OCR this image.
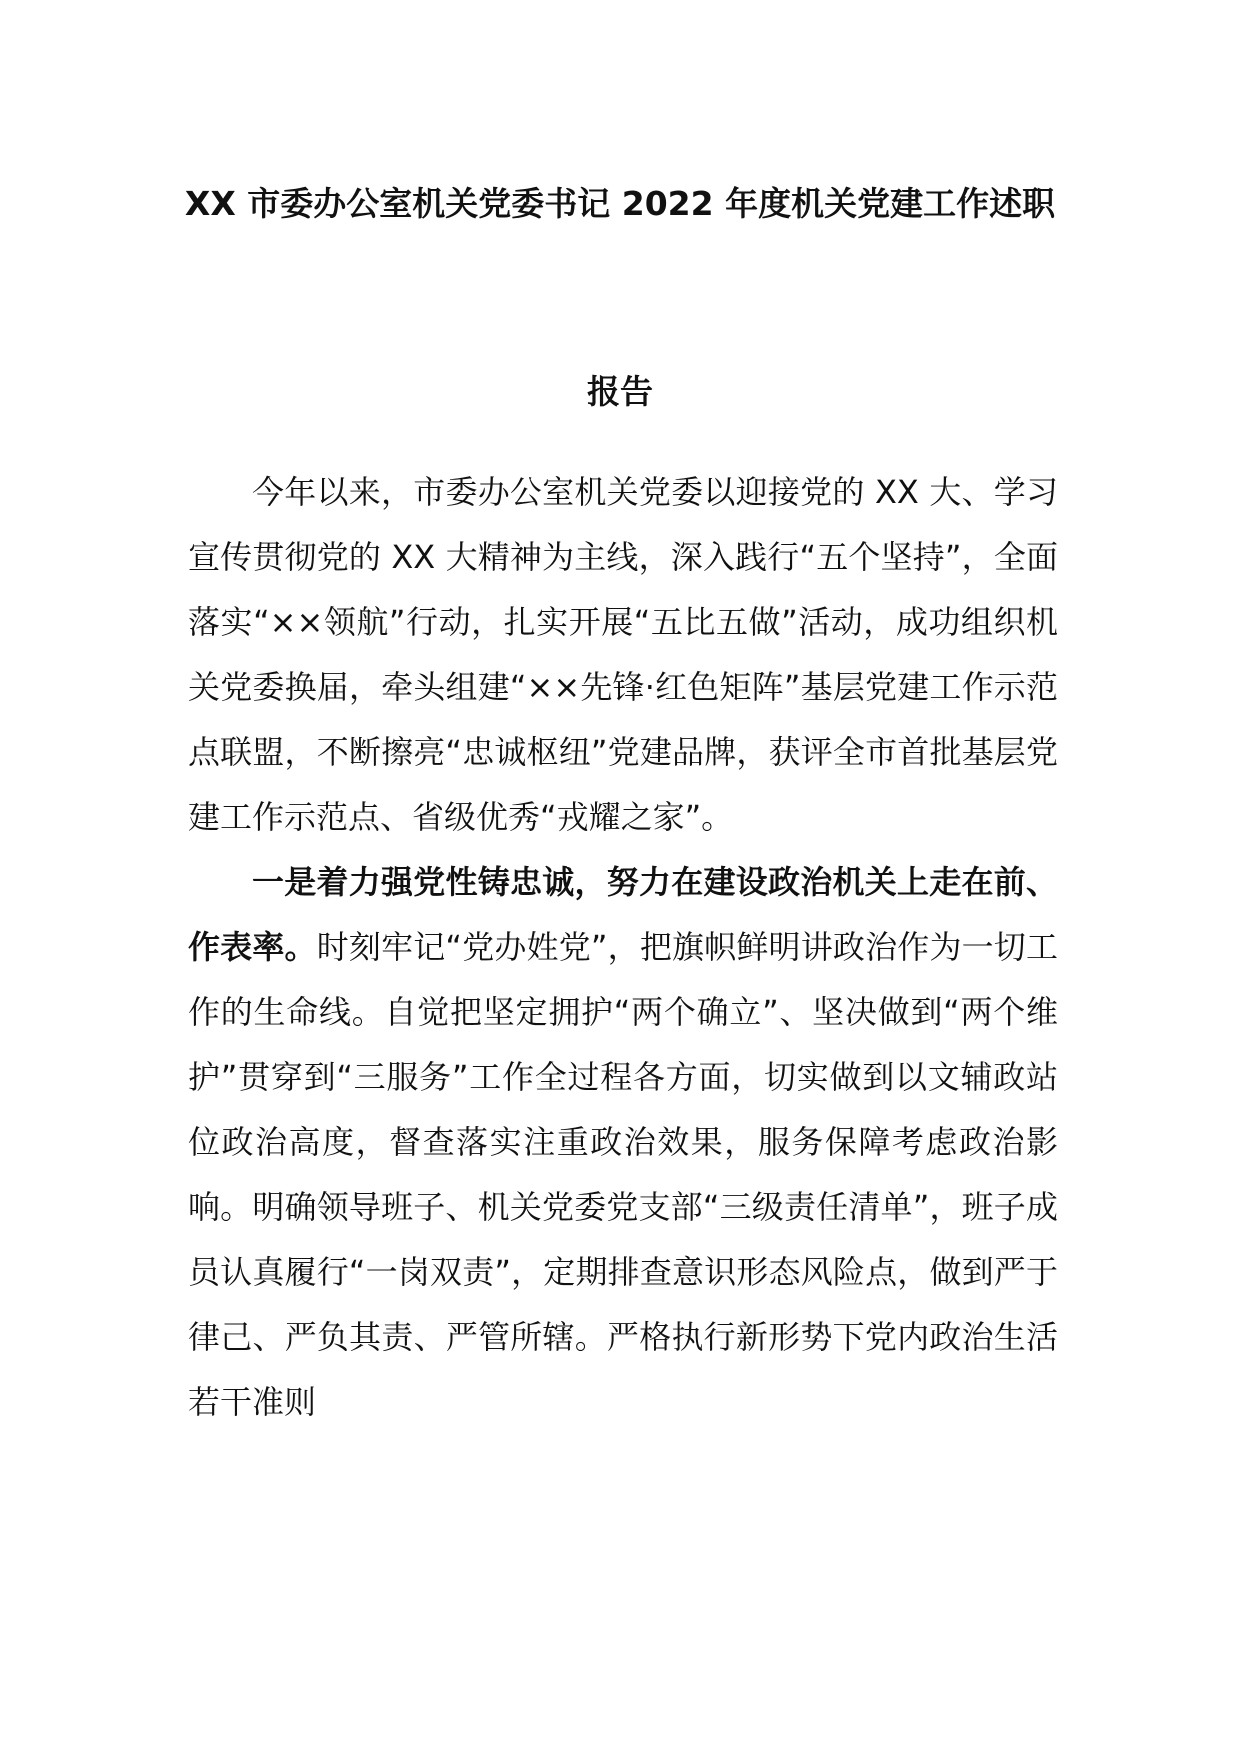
XX 市委办公室机关党委书记 2022 年度机关党建工作述职
报告

今年以来，市委办公室机关党委以迎接党的 XX 大、学习宣传贯彻党的 XX 大精神为主线，深入践行“五个坚持”，全面落实“××领航”行动，扎实开展“五比五做”活动，成功组织机关党委换届，牵头组建“××先锋·红色矩阵”基层党建工作示范点联盟，不断擦亮“忠诚枢纽”党建品牌，获评全市首批基层党建工作示范点、省级优秀“戎耀之家”。

一是着力强党性铸忠诚，努力在建设政治机关上走在前、作表率。时刻牢记“党办姓党”，把旗帜鲜明讲政治作为一切工作的生命线。自觉把坚定拥护“两个确立”、坚决做到“两个维护”贯穿到“三服务”工作全过程各方面，切实做到以文辅政站位政治高度，督查落实注重政治效果，服务保障考虑政治影响。明确领导班子、机关党委党支部“三级责任清单”，班子成员认真履行“一岗双责”，定期排查意识形态风险点，做到严于律己、严负其责、严管所辖。严格执行新形势下党内政治生活若干准则
